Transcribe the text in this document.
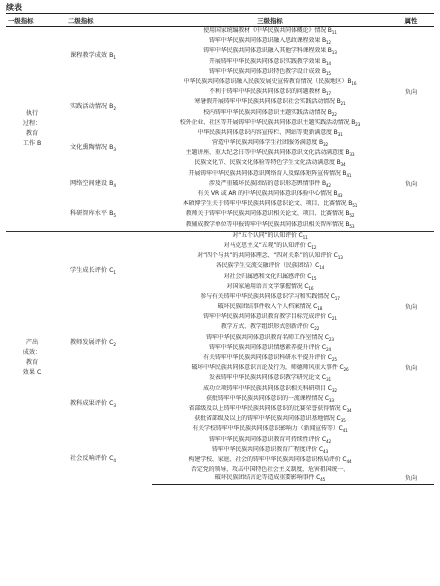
续表
一级指标	二级指标	三级指标	属性

执行
过程：
教育
工作 B	课程教学成效 $B_1$	使用国家统编教材《中华民族共同体概论》情况 $B_{11}$	
		铸牢中华民族共同体意识融入思政课程效果 $B_{12}$	
		铸牢中华民族共同体意识融入其他学科课程效果 $B_{13}$	
		开展铸牢中华民族共同体意识实践教学效果 $B_{14}$	
		铸牢中华民族共同体意识特色教学设计成效 $B_{15}$	
		中华民族共同体意识融入民族发展史宣传教育情况（民族地区）$B_{16}$	
	实践活动情况 $B_2$	不利于铸牢中华民族共同体意识的问题教材 $B_{17}$	负向
		寒暑假开展铸牢中华民族共同体意识社会实践活动情况 $B_{21}$	
		校内铸牢中华民族共同体意识主题实践活动情况 $B_{22}$	
		校外企业、社区等开展铸牢中华民族共同体意识主题实践活动情况 $B_{23}$	
	文化熏陶情况 $B_3$	中华民族共同体意识内容宣传栏、网站等更新满意度 $B_{31}$	
		营造中华民族共同体学生社团服务满意度 $B_{32}$	
		主题讲座、重大纪念日等中华民族共同体意识文化活动满意度 $B_{33}$	
		民族文化节、民族文化体验等特色学生文化活动满意度 $B_{34}$	
	网络空间建设 $B_4$	开展铸牢中华民族共同体意识网络育人及媒体矩阵宣传情况 $B_{41}$	
		涉及严重破坏民族团结的意识形态舆情事件 $B_{42}$	负向
		有关 VR 或 AR 的中华民族共同体意识体验中心情况 $B_{43}$	
	科研智库水平 $B_5$	本碩博学生关于铸牢中华民族共同体意识论文、项目、比赛情况 $B_{51}$	
		教师关于铸牢中华民族共同体意识相关论文、项目、比赛情况 $B_{52}$	
		教辅成教学单位等申报铸牢中华民族共同体意识相关智库情况 $B_{53}$	

产出
成效：
教育
效果 C	学生成长评价 $C_1$	对“五个认同”的认知评价 $C_{11}$	
		对马克思主义“五观”的认知评价 $C_{12}$	
		对“四个与共”的共同体理念、“四对关系”的认知评价 $C_{13}$	
		各民族学生交流交融评价（民族团结）$C_{14}$	
		对社会归属感和文化归属感评价 $C_{15}$	
		对国家通用语言文字掌握情况 $C_{16}$	
		参与有关铸牢中华民族共同体意识学习和实践情况 $C_{17}$	
		破坏民族团结事件收入个人档案情况 $C_{18}$	负向
	教师发展评价 $C_2$	铸牢中华民族共同体意识教育教学目标完成评价 $C_{21}$	
		教学方式、教学组织形式创新评价 $C_{22}$	
		铸牢中华民族共同体意识教育名师工作室情况 $C_{23}$	
		铸牢中华民族共同体意识情感素养提升评价 $C_{24}$	
		有关铸牢中华民族共同体意识科研水平提升评价 $C_{25}$	
		破坏中华民族共同体意识言论及行为，师德师风重大事件 $C_{26}$	负向
	教科成果评价 $C_3$	发表铸牢中华民族共同体意识教学研究论文 $C_{31}$	
		成功立项铸牢中华民族共同体意识相关科研项目 $C_{32}$	
		获批铸牢中华民族共同体意识的一流课程情况 $C_{33}$	
		省部级及以上铸牢中华民族共同体意识的比赛荣誉获得情况 $C_{34}$	
		获批省部级及以上的铸牢中华民族共同体意识基地情况 $C_{35}$	
		有关学校铸牢中华民族共同体意识影响力（新闻宣传等）$C_{41}$	
	社会反响评价 $C_4$	铸牢中华民族共同体意识教育可持续性评价 $C_{42}$	
		铸牢中华民族共同体意识教育广程度评价 $C_{43}$	
		构建学校、家庭、社会的铸牢中华民族共同体意识格局评价 $C_{44}$	
		否定党的领导，攻击中国特色社会主义制度，危害祖国统一、	
		破坏民族团结言论等造成重要影响事件 $C_{45}$	负向
